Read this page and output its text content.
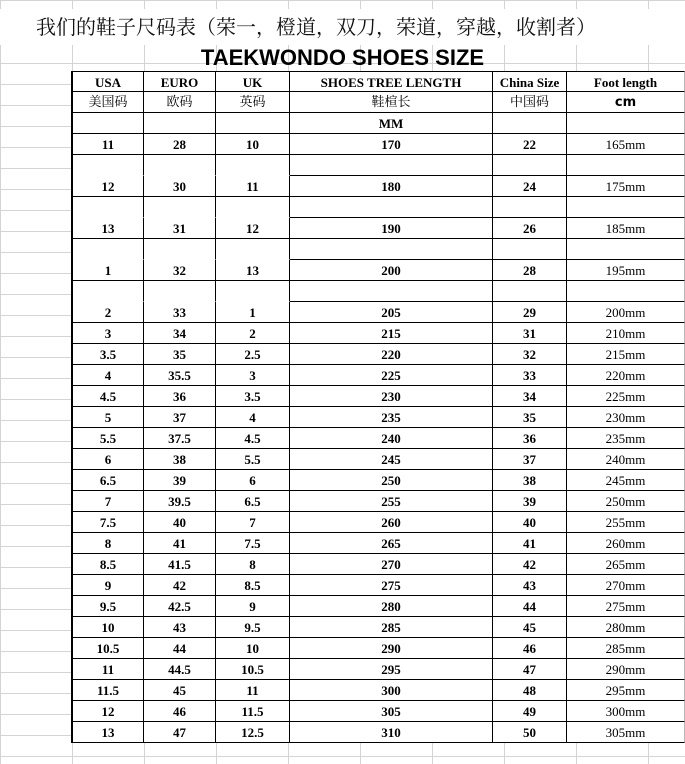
我们的鞋子尺码表（荣一，橙道，双刀，荣道，穿越，收割者）
TAEKWONDO SHOES SIZE
USA	EURO	UK	SHOES TREE LENGTH	China Size	Foot length
美国码	欧码	英码	鞋楦长	中国码	cm
MM
11	28	10	170	22	165mm
12	30	11	180	24	175mm
13	31	12	190	26	185mm
1	32	13	200	28	195mm
2	33	1	205	29	200mm
3	34	2	215	31	210mm
3.5	35	2.5	220	32	215mm
4	35.5	3	225	33	220mm
4.5	36	3.5	230	34	225mm
5	37	4	235	35	230mm
5.5	37.5	4.5	240	36	235mm
6	38	5.5	245	37	240mm
6.5	39	6	250	38	245mm
7	39.5	6.5	255	39	250mm
7.5	40	7	260	40	255mm
8	41	7.5	265	41	260mm
8.5	41.5	8	270	42	265mm
9	42	8.5	275	43	270mm
9.5	42.5	9	280	44	275mm
10	43	9.5	285	45	280mm
10.5	44	10	290	46	285mm
11	44.5	10.5	295	47	290mm
11.5	45	11	300	48	295mm
12	46	11.5	305	49	300mm
13	47	12.5	310	50	305mm
